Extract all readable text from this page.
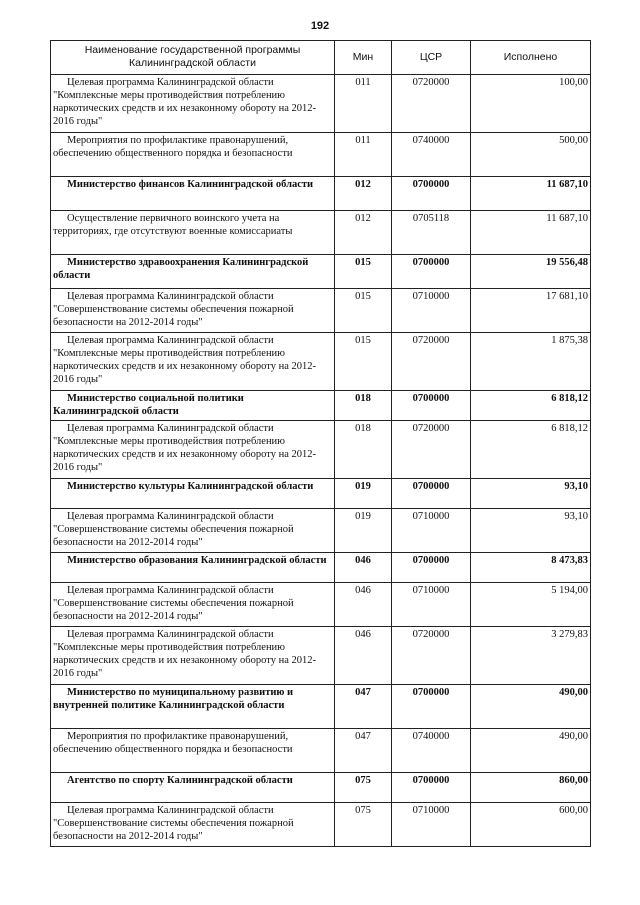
192
Наименование государственной программы Калининградской области	Мин	ЦСР	Исполнено
Целевая программа Калининградской области "Комплексные меры противодействия потреблению наркотических средств и их незаконному обороту на 2012-2016 годы"	011	0720000	100,00
Мероприятия по профилактике правонарушений, обеспечению общественного порядка и безопасности	011	0740000	500,00
Министерство финансов Калининградской области	012	0700000	11 687,10
Осуществление первичного воинского учета на территориях, где отсутствуют военные комиссариаты	012	0705118	11 687,10
Министерство здравоохранения Калининградской области	015	0700000	19 556,48
Целевая программа Калининградской области "Совершенствование системы обеспечения пожарной безопасности на 2012-2014 годы"	015	0710000	17 681,10
Целевая программа Калининградской области "Комплексные меры противодействия потреблению наркотических средств и их незаконному обороту на 2012-2016 годы"	015	0720000	1 875,38
Министерство социальной политики Калининградской области	018	0700000	6 818,12
Целевая программа Калининградской области "Комплексные меры противодействия потреблению наркотических средств и их незаконному обороту на 2012-2016 годы"	018	0720000	6 818,12
Министерство культуры Калининградской области	019	0700000	93,10
Целевая программа Калининградской области "Совершенствование системы обеспечения пожарной безопасности на 2012-2014 годы"	019	0710000	93,10
Министерство образования Калининградской области	046	0700000	8 473,83
Целевая программа Калининградской области "Совершенствование системы обеспечения пожарной безопасности на 2012-2014 годы"	046	0710000	5 194,00
Целевая программа Калининградской области "Комплексные меры противодействия потреблению наркотических средств и их незаконному обороту на 2012-2016 годы"	046	0720000	3 279,83
Министерство по муниципальному развитию и внутренней политике Калининградской области	047	0700000	490,00
Мероприятия по профилактике правонарушений, обеспечению общественного порядка и безопасности	047	0740000	490,00
Агентство по спорту Калининградской области	075	0700000	860,00
Целевая программа Калининградской области "Совершенствование системы обеспечения пожарной безопасности на 2012-2014 годы"	075	0710000	600,00
